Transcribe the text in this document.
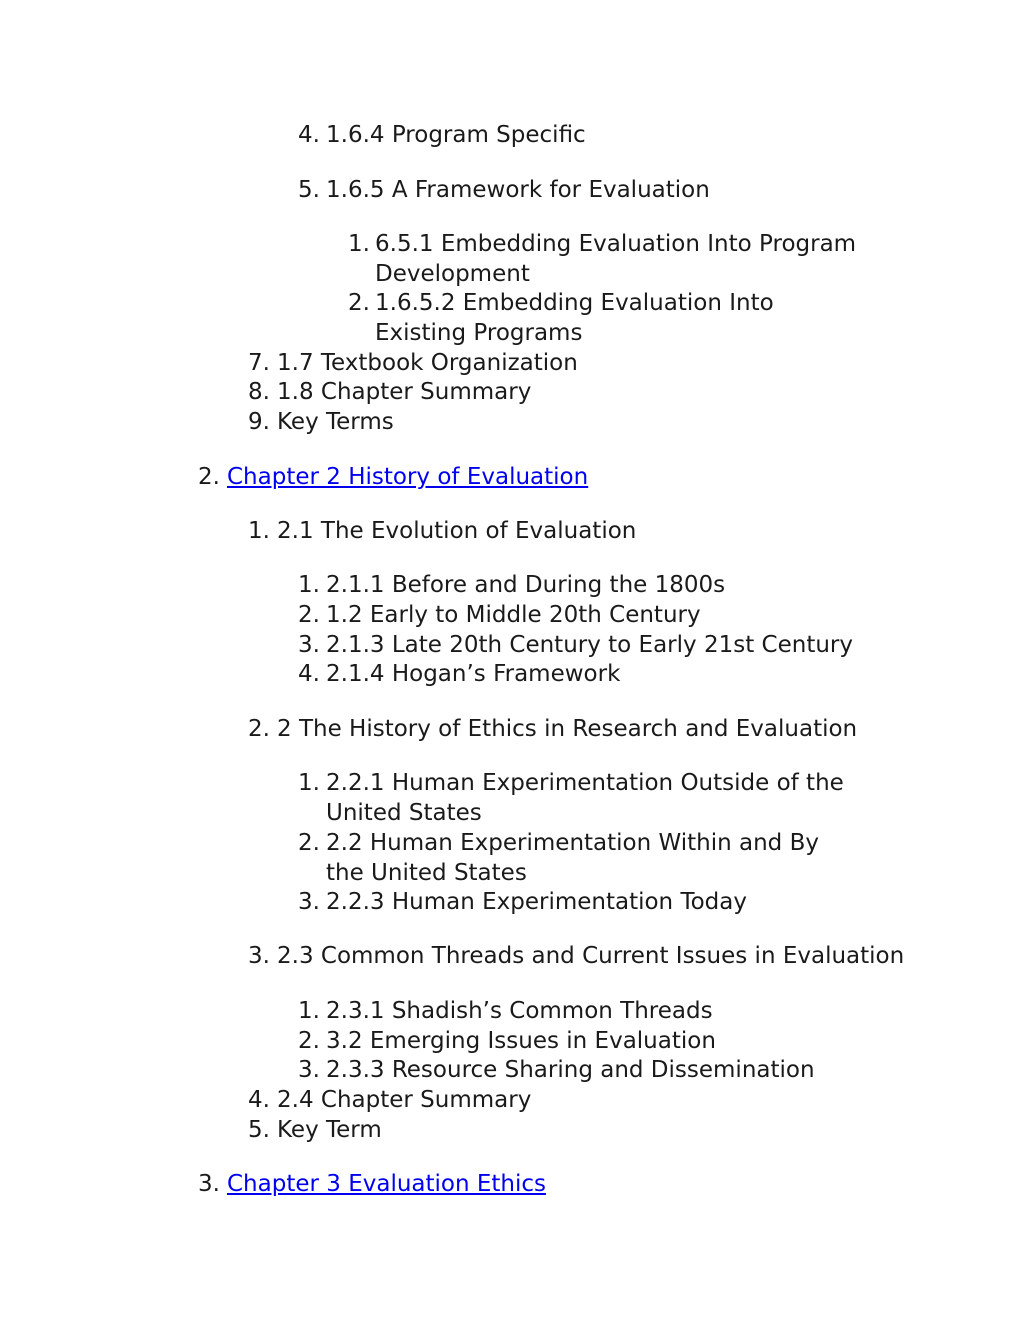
4. 1.6.4 Program Specific
5. 1.6.5 A Framework for Evaluation
1. 6.5.1 Embedding Evaluation Into Program Development
2. 1.6.5.2 Embedding Evaluation Into Existing Programs
7. 1.7 Textbook Organization
8. 1.8 Chapter Summary
9. Key Terms
2. Chapter 2 History of Evaluation
1. 2.1 The Evolution of Evaluation
1. 2.1.1 Before and During the 1800s
2. 1.2 Early to Middle 20th Century
3. 2.1.3 Late 20th Century to Early 21st Century
4. 2.1.4 Hogan’s Framework
2. 2 The History of Ethics in Research and Evaluation
1. 2.2.1 Human Experimentation Outside of the United States
2. 2.2 Human Experimentation Within and By the United States
3. 2.2.3 Human Experimentation Today
3. 2.3 Common Threads and Current Issues in Evaluation
1. 2.3.1 Shadish’s Common Threads
2. 3.2 Emerging Issues in Evaluation
3. 2.3.3 Resource Sharing and Dissemination
4. 2.4 Chapter Summary
5. Key Term
3. Chapter 3 Evaluation Ethics
